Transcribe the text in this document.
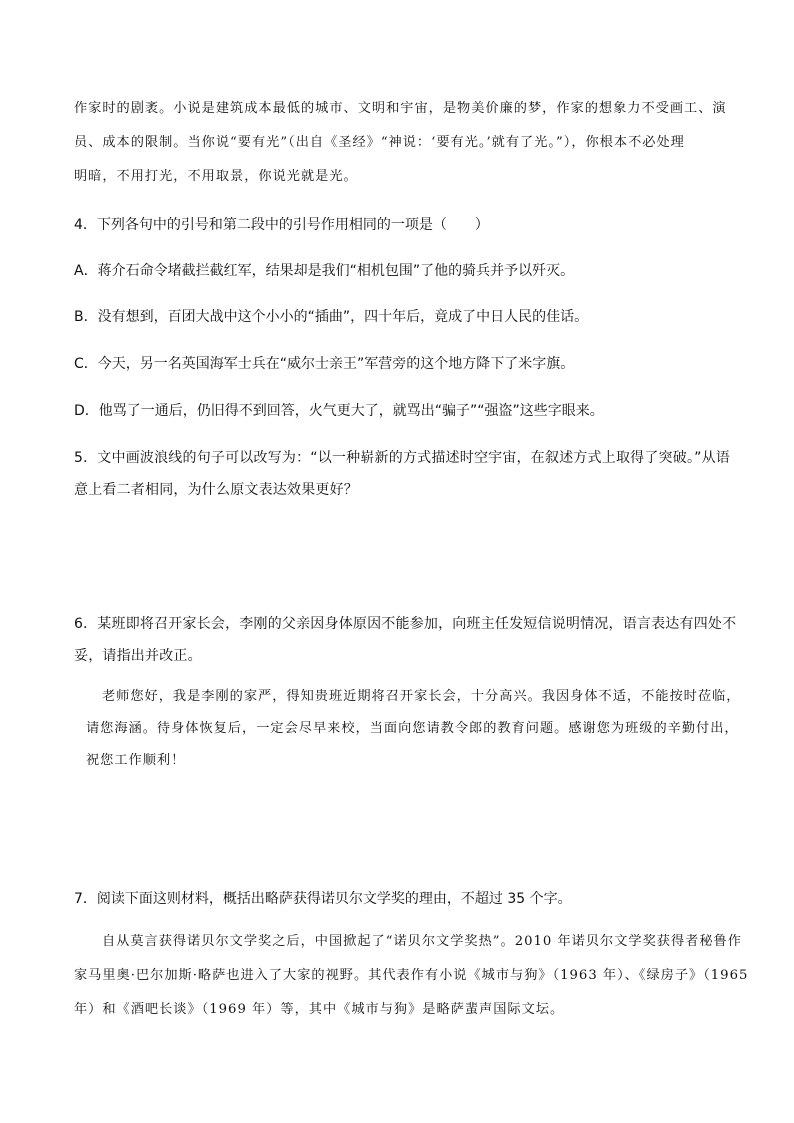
作家时的剧袤。小说是建筑成本最低的城市、文明和宇宙，是物美价廉的梦，作家的想象力不受画工、演
员、成本的限制。当你说“要有光”（出自《圣经》“神说：‘要有光。’就有了光。”），你根本不必处理
明暗，不用打光，不用取景，你说光就是光。

4．下列各句中的引号和第二段中的引号作用相同的一项是（　　）

A．蒋介石命令堵截拦截红军，结果却是我们“相机包围”了他的骑兵并予以歼灭。

B．没有想到，百团大战中这个小小的“插曲”，四十年后，竟成了中日人民的佳话。

C．今天，另一名英国海军士兵在“威尔士亲王”军营旁的这个地方降下了米字旗。

D．他骂了一通后，仍旧得不到回答，火气更大了，就骂出“骗子”“强盗”这些字眼来。

5．文中画波浪线的句子可以改写为：“以一种崭新的方式描述时空宇宙，在叙述方式上取得了突破。”从语
意上看二者相同，为什么原文表达效果更好？
6．某班即将召开家长会，李刚的父亲因身体原因不能参加，向班主任发短信说明情况，语言表达有四处不
妥，请指出并改正。
老师您好，我是李刚的家严，得知贵班近期将召开家长会，十分高兴。我因身体不适，不能按时莅临，
请您海涵。待身体恢复后，一定会尽早来校，当面向您请教令郎的教育问题。感谢您为班级的辛勤付出，
祝您工作顺利！

7．阅读下面这则材料，概括出略萨获得诺贝尔文学奖的理由，不超过 35 个字。

自从莫言获得诺贝尔文学奖之后，中国掀起了“诺贝尔文学奖热”。2010 年诺贝尔文学奖获得者秘鲁作
家马里奥·巴尔加斯·略萨也进入了大家的视野。其代表作有小说《城市与狗》（1963 年）、《绿房子》（1965
年）和《酒吧长谈》（1969 年）等，其中《城市与狗》是略萨蜚声国际文坛。
